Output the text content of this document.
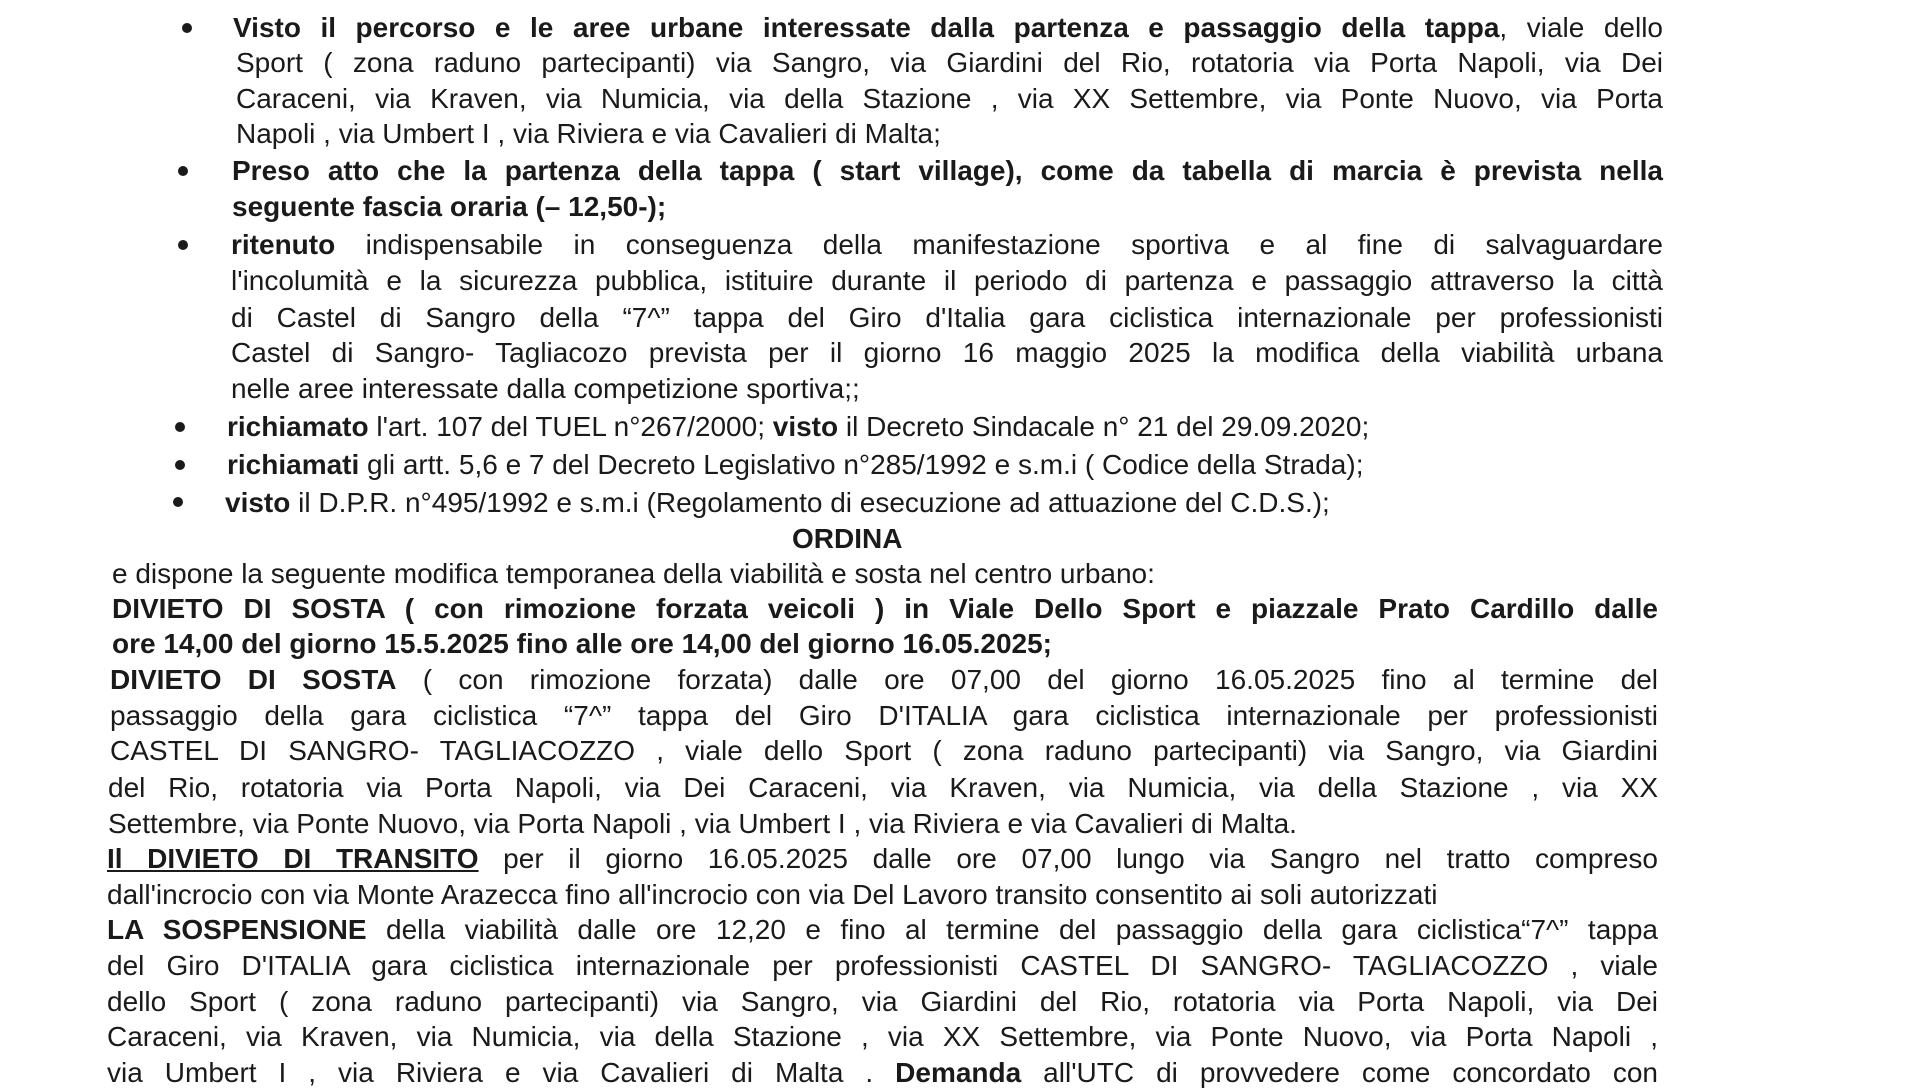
Visto il percorso e le aree urbane interessate dalla partenza e passaggio della tappa, viale dello
Sport ( zona raduno partecipanti) via Sangro, via Giardini del Rio, rotatoria via Porta Napoli, via Dei
Caraceni, via Kraven, via Numicia, via della Stazione , via XX Settembre, via Ponte Nuovo, via Porta
Napoli , via Umbert I , via Riviera e via Cavalieri di Malta;
Preso atto che la partenza della tappa ( start village), come da tabella di marcia è prevista nella
seguente fascia oraria (– 12,50-);
ritenuto indispensabile in conseguenza della manifestazione sportiva e al fine di salvaguardare
l'incolumità e la sicurezza pubblica, istituire durante il periodo di partenza e passaggio attraverso la città
di Castel di Sangro della “7^” tappa del Giro d'Italia gara ciclistica internazionale per professionisti
Castel di Sangro- Tagliacozo prevista per il giorno 16 maggio 2025 la modifica della viabilità urbana
nelle aree interessate dalla competizione sportiva;;
richiamato l'art. 107 del TUEL n°267/2000; visto il Decreto Sindacale n° 21 del 29.09.2020;
richiamati gli artt. 5,6 e 7 del Decreto Legislativo n°285/1992 e s.m.i ( Codice della Strada);
visto il D.P.R. n°495/1992 e s.m.i (Regolamento di esecuzione ad attuazione del C.D.S.);
ORDINA
e dispone la seguente modifica temporanea della viabilità e sosta nel centro urbano:
DIVIETO DI SOSTA ( con rimozione forzata veicoli ) in Viale Dello Sport e piazzale Prato Cardillo dalle
ore 14,00 del giorno 15.5.2025 fino alle ore 14,00 del giorno 16.05.2025;
DIVIETO DI SOSTA ( con rimozione forzata) dalle ore 07,00 del giorno 16.05.2025 fino al termine del
passaggio della gara ciclistica “7^” tappa del Giro D'ITALIA gara ciclistica internazionale per professionisti
CASTEL DI SANGRO- TAGLIACOZZO , viale dello Sport ( zona raduno partecipanti) via Sangro, via Giardini
del Rio, rotatoria via Porta Napoli, via Dei Caraceni, via Kraven, via Numicia, via della Stazione , via XX
Settembre, via Ponte Nuovo, via Porta Napoli , via Umbert I , via Riviera e via Cavalieri di Malta.
Il DIVIETO DI TRANSITO per il giorno 16.05.2025 dalle ore 07,00 lungo via Sangro nel tratto compreso
dall'incrocio con via Monte Arazecca fino all'incrocio con via Del Lavoro transito consentito ai soli autorizzati
LA SOSPENSIONE della viabilità dalle ore 12,20 e fino al termine del passaggio della gara ciclistica“7^” tappa
del Giro D'ITALIA gara ciclistica internazionale per professionisti CASTEL DI SANGRO- TAGLIACOZZO , viale
dello Sport ( zona raduno partecipanti) via Sangro, via Giardini del Rio, rotatoria via Porta Napoli, via Dei
Caraceni, via Kraven, via Numicia, via della Stazione , via XX Settembre, via Ponte Nuovo, via Porta Napoli ,
via Umbert I , via Riviera e via Cavalieri di Malta . Demanda all'UTC di provvedere come concordato con
